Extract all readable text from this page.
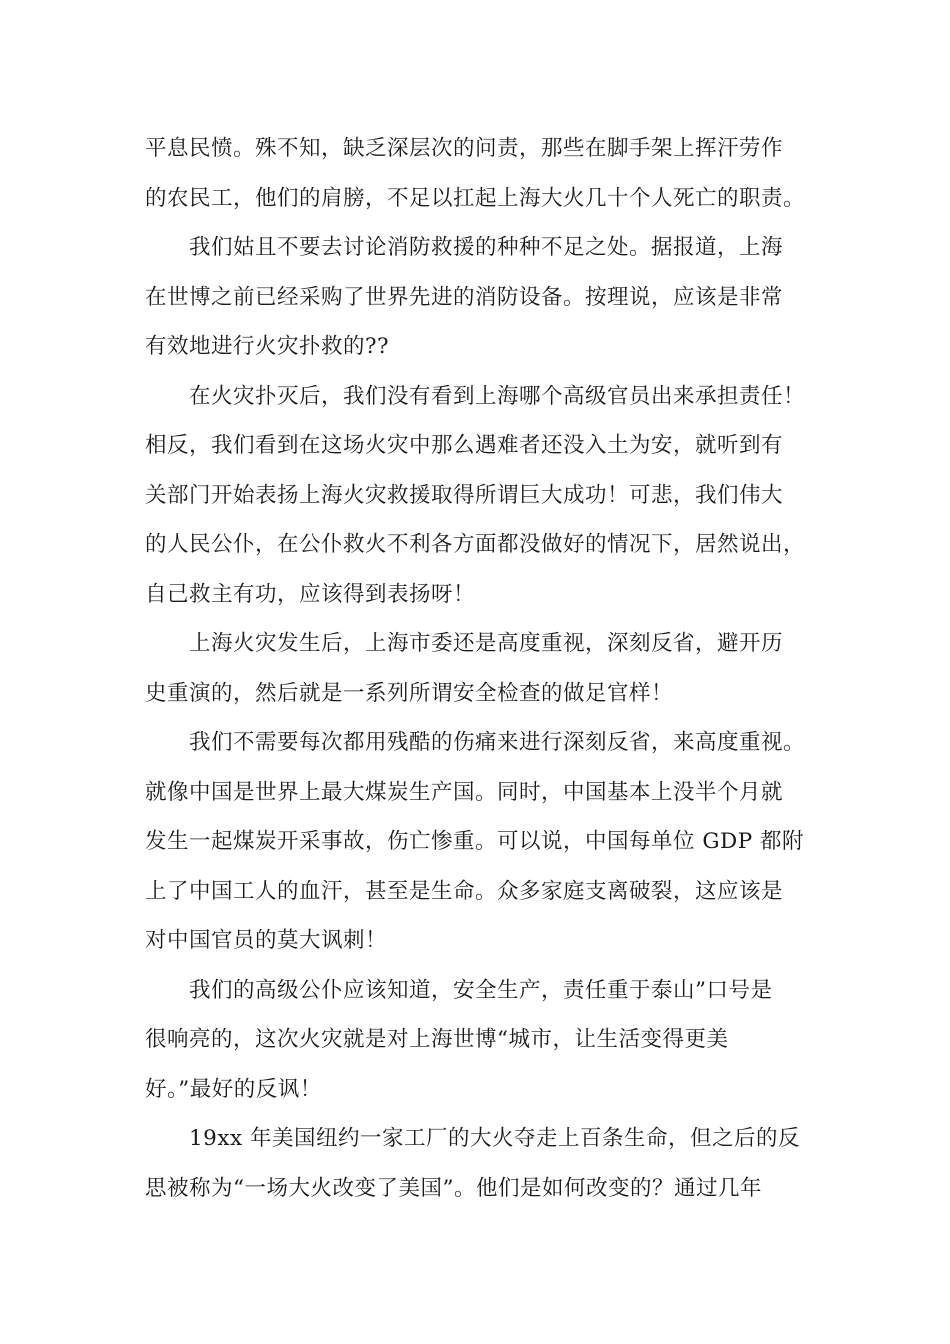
平息民愤。殊不知，缺乏深层次的问责，那些在脚手架上挥汗劳作
的农民工，他们的肩膀，不足以扛起上海大火几十个人死亡的职责。
我们姑且不要去讨论消防救援的种种不足之处。据报道，上海
在世博之前已经采购了世界先进的消防设备。按理说，应该是非常
有效地进行火灾扑救的??
在火灾扑灭后，我们没有看到上海哪个高级官员出来承担责任！
相反，我们看到在这场火灾中那么遇难者还没入土为安，就听到有
关部门开始表扬上海火灾救援取得所谓巨大成功！可悲，我们伟大
的人民公仆，在公仆救火不利各方面都没做好的情况下，居然说出，
自己救主有功，应该得到表扬呀！
上海火灾发生后，上海市委还是高度重视，深刻反省，避开历
史重演的，然后就是一系列所谓安全检查的做足官样！
我们不需要每次都用残酷的伤痛来进行深刻反省，来高度重视。
就像中国是世界上最大煤炭生产国。同时，中国基本上没半个月就
发生一起煤炭开采事故，伤亡惨重。可以说，中国每单位 GDP 都附
上了中国工人的血汗，甚至是生命。众多家庭支离破裂，这应该是
对中国官员的莫大讽刺！
我们的高级公仆应该知道，安全生产，责任重于泰山”口号是
很响亮的，这次火灾就是对上海世博“城市，让生活变得更美
好。”最好的反讽！
19xx 年美国纽约一家工厂的大火夺走上百条生命，但之后的反
思被称为“一场大火改变了美国”。他们是如何改变的？通过几年
